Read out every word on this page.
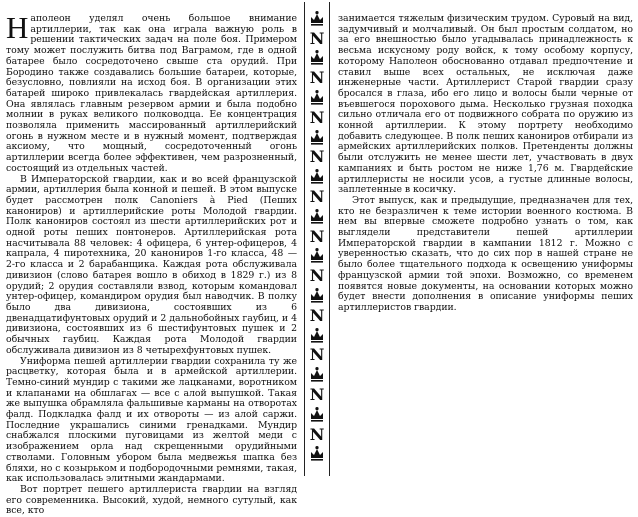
Наполеон уделял очень большое внимание артиллерии, так как она играла важную роль в решении тактических задач на поле боя. Примером тому может послужить битва под Ваграмом, где в одной батарее было сосредоточено свыше ста орудий. При Бородино также создавались большие батареи, которые, безусловно, повлияли на исход боя. В организации этих батарей широко привлекалась гвардейская артиллерия. Она являлась главным резервом армии и была подобно молнии в руках великого полководца. Ее концентрация позволяла применить массированный артиллерийский огонь в нужном месте и в нужный момент, подтверждая аксиому, что мощный, сосредоточенный огонь артиллерии всегда более эффективен, чем разрозненный, состоящий из отдельных частей.

В Императорской гвардии, как и во всей французской армии, артиллерия была конной и пешей. В этом выпуске будет рассмотрен полк Canoniers à Pied (Пеших канониров) и артиллерийские роты Молодой гвардии. Полк канониров состоял из шести артиллерийских рот и одной роты пеших понтонеров. Артиллерийская рота насчитывала 88 человек: 4 офицера, 6 унтер-офицеров, 4 капрала, 4 пиротехника, 20 канониров 1-го класса, 48 — 2-го класса и 2 барабанщика. Каждая рота обслуживала дивизион (слово батарея вошло в обиход в 1829 г.) из 8 орудий; 2 орудия составляли взвод, которым командовал унтер-офицер, командиром орудия был наводчик. В полку было два дивизиона, состоявших из 6 двенадцатифунтовых орудий и 2 дальнобойных гаубиц, и 4 дивизиона, состоявших из 6 шестифунтовых пушек и 2 обычных гаубиц. Каждая рота Молодой гвардии обслуживала дивизион из 8 четырехфунтовых пушек.

Униформа пешей артиллерии гвардии сохранила ту же расцветку, которая была и в армейской артиллерии. Темно-синий мундир с такими же лацканами, воротником и клапанами на обшлагах — все с алой выпушкой. Такая же выпушка обрамляла фальшивые карманы на отворотах фалд. Подкладка фалд и их отвороты — из алой саржи. Последние украшались синими гренадками. Мундир снабжался плоскими пуговицами из желтой меди с изображением орла над скрещенными орудийными стволами. Головным убором была медвежья шапка без бляхи, но с козырьком и подбородочными ремнями, такая, как использовалась элитными жандармами.

Вот портрет пешего артиллериста гвардии на взгляд его современника. Высокий, худой, немного сутулый, как все, кто

N
N
N
N
N
N
N
N
N
N
N

занимается тяжелым физическим трудом. Суровый на вид, задумчивый и молчаливый. Он был простым солдатом, но за его внешностью было угадывалась принадлежность к весьма искусному роду войск, к тому особому корпусу, которому Наполеон обоснованно отдавал предпочтение и ставил выше всех остальных, не исключая даже инженерные части. Артиллерист Старой гвардии сразу бросался в глаза, ибо его лицо и волосы были черные от въевшегося порохового дыма. Несколько грузная походка сильно отличала его от подвижного собрата по оружию из конной артиллерии. К этому портрету необходимо добавить следующее. В полк пеших канониров отбирали из армейских артиллерийских полков. Претенденты должны были отслужить не менее шести лет, участвовать в двух кампаниях и быть ростом не ниже 1,76 м. Гвардейские артиллеристы не носили усов, а густые длинные волосы, заплетенные в косичку.

Этот выпуск, как и предыдущие, предназначен для тех, кто не безразличен к теме истории военного костюма. В нем вы впервые сможете подробно узнать о том, как выглядели представители пешей артиллерии Императорской гвардии в кампании 1812 г. Можно с уверенностью сказать, что до сих пор в нашей стране не было более тщательного подхода к освещению униформы французской армии той эпохи. Возможно, со временем появятся новые документы, на основании которых можно будет внести дополнения в описание униформы пеших артиллеристов гвардии.
